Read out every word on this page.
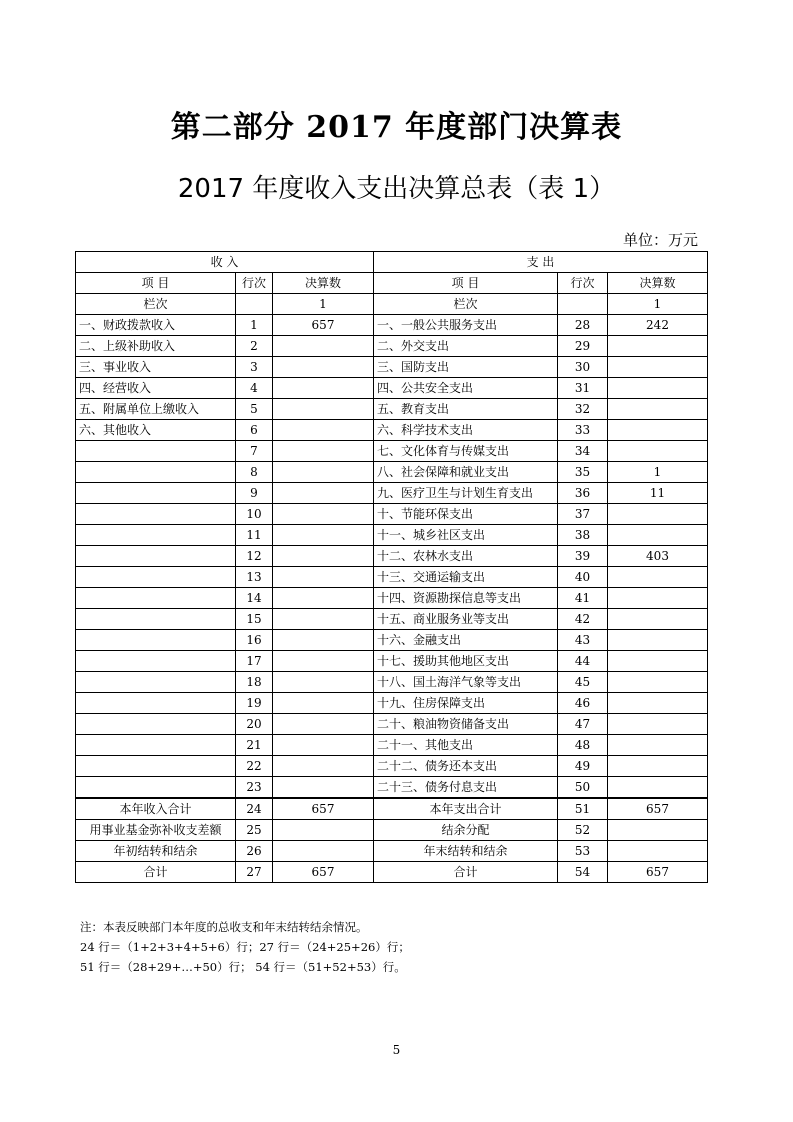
第二部分 2017 年度部门决算表
2017 年度收入支出决算总表（表 1）
单位：万元
收 入			支 出		
项 目	行次	决算数	项 目	行次	决算数
栏次		1	栏次		1
一、财政拨款收入	1	657	一、一般公共服务支出	28	242
二、上级补助收入	2		二、外交支出	29	
三、事业收入	3		三、国防支出	30	
四、经营收入	4		四、公共安全支出	31	
五、附属单位上缴收入	5		五、教育支出	32	
六、其他收入	6		六、科学技术支出	33	
	7		七、文化体育与传媒支出	34	
	8		八、社会保障和就业支出	35	1
	9		九、医疗卫生与计划生育支出	36	11
	10		十、节能环保支出	37	
	11		十一、城乡社区支出	38	
	12		十二、农林水支出	39	403
	13		十三、交通运输支出	40	
	14		十四、资源勘探信息等支出	41	
	15		十五、商业服务业等支出	42	
	16		十六、金融支出	43	
	17		十七、援助其他地区支出	44	
	18		十八、国土海洋气象等支出	45	
	19		十九、住房保障支出	46	
	20		二十、粮油物资储备支出	47	
	21		二十一、其他支出	48	
	22		二十二、债务还本支出	49	
	23		二十三、债务付息支出	50	
本年收入合计	24	657	本年支出合计	51	657
用事业基金弥补收支差额	25		结余分配	52	
年初结转和结余	26		年末结转和结余	53	
合计	27	657	合计	54	657
注：本表反映部门本年度的总收支和年末结转结余情况。
24 行＝（1+2+3+4+5+6）行；27 行＝（24+25+26）行；
51 行＝（28+29+…+50）行； 54 行＝（51+52+53）行。
5
